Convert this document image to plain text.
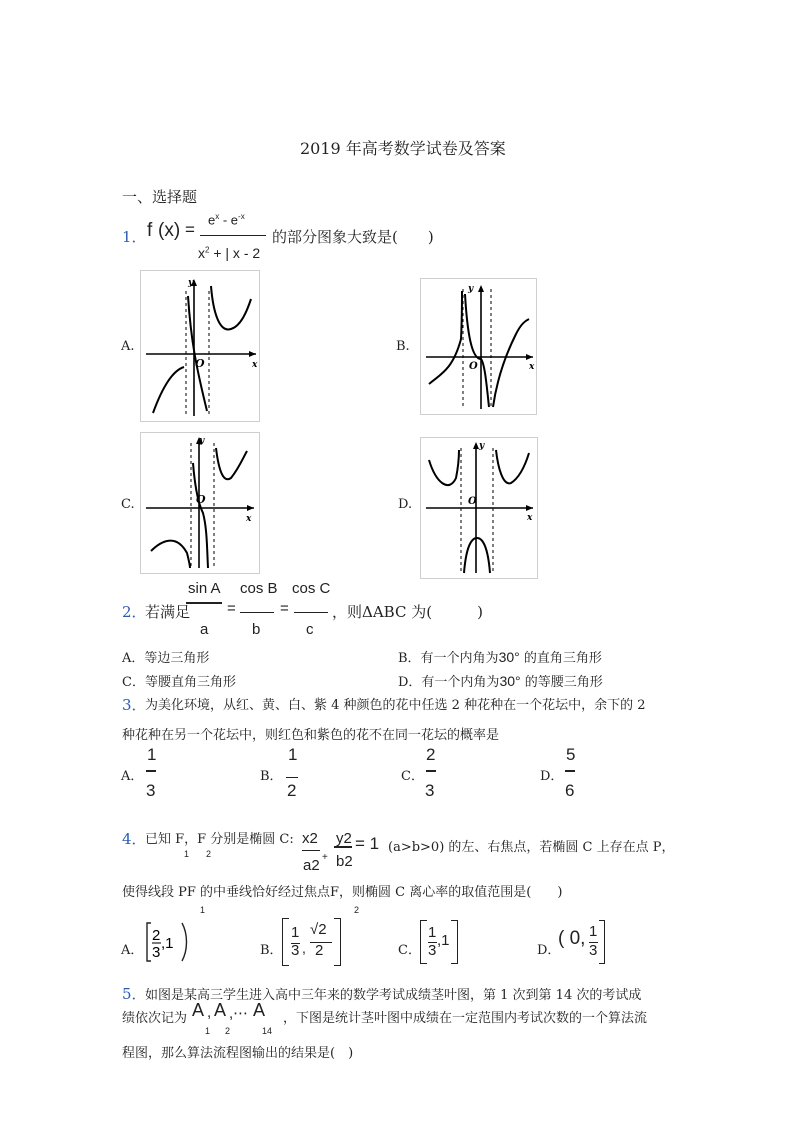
2019 年高考数学试卷及答案
一、选择题
1． f (x) =
$e^x - e^{-x}$
$x^2$ + | x - 2
的部分图象大致是(　　)
A.
y
x
O
B.
y
x
O
C.
y
x
O	D.
y
x
O
2．
若满足
sin A
a
=
cos B
b
=
cos C
c
，则ΔABC 为(　　　)
A．等边三角形	B．有一个内角为30° 的直角三角形
C．等腰直角三角形	D．有一个内角为30° 的等腰三角形
3．
为美化环境，从红、黄、白、紫 4 种颜色的花中任选 2 种花种在一个花坛中，余下的 2
种花种在另一个花坛中，则红色和紫色的花不在同一花坛的概率是
A．
1
3
B．
1
2
C．
2
3
D．
5
6
4．
已知 F，F 分别是椭圆 C:
1 2
x2
a2 +
y2
b2
= 1 (a>b>0) 的左、右焦点，若椭圆 C 上存在点 P，
使得线段 PF 的中垂线恰好经过焦点F，则椭圆 C 离心率的取值范围是(　　)
1	2
A．
2
3
,1	B．
1
3 ,
√2
2	C．
1
3
,1
D．
( 0, 1
3
5．
如图是某高三学生进入高中三年来的数学考试成绩茎叶图，第 1 次到第 14 次的考试成
绩依次记为 A , A ,⋯ A
1 2	14
，下图是统计茎叶图中成绩在一定范围内考试次数的一个算法流
程图，那么算法流程图输出的结果是(　)
